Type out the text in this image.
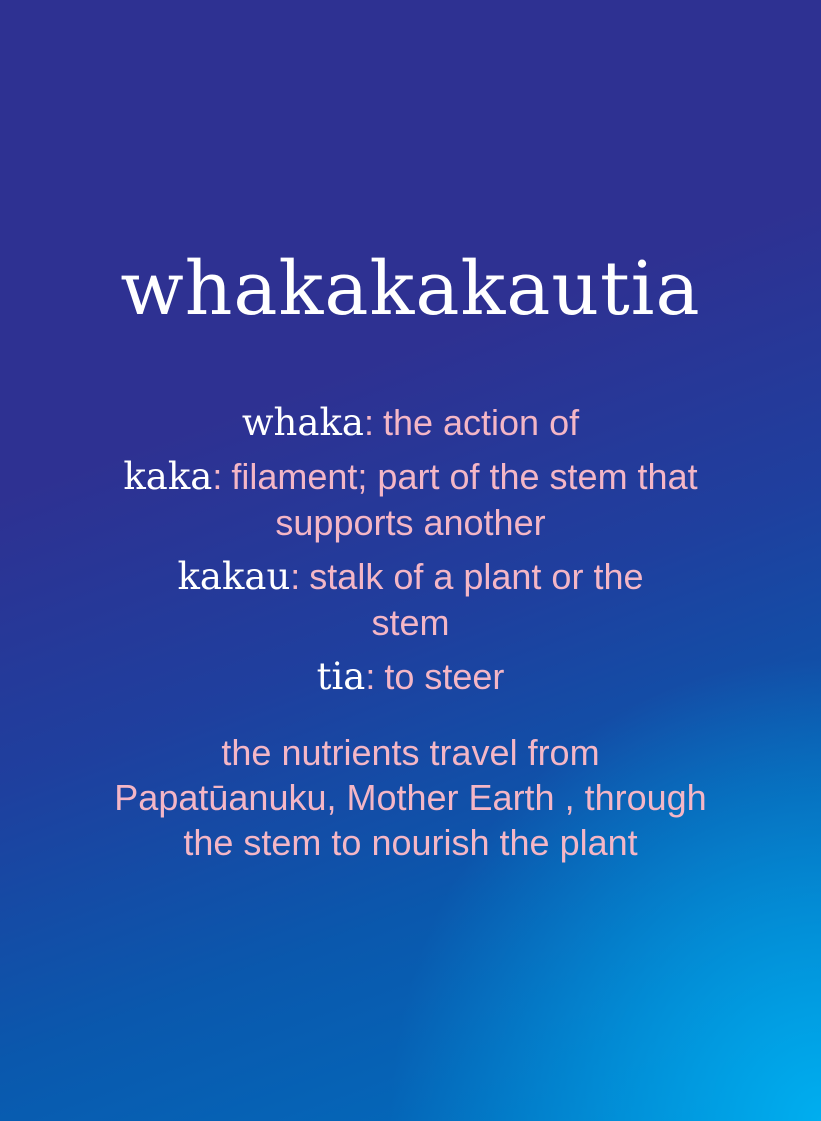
whakakakautia
whaka: the action of
kaka: filament; part of the stem that supports another
kakau: stalk of a plant or the stem
tia: to steer
the nutrients travel from Papatūanuku, Mother Earth , through the stem to nourish the plant
